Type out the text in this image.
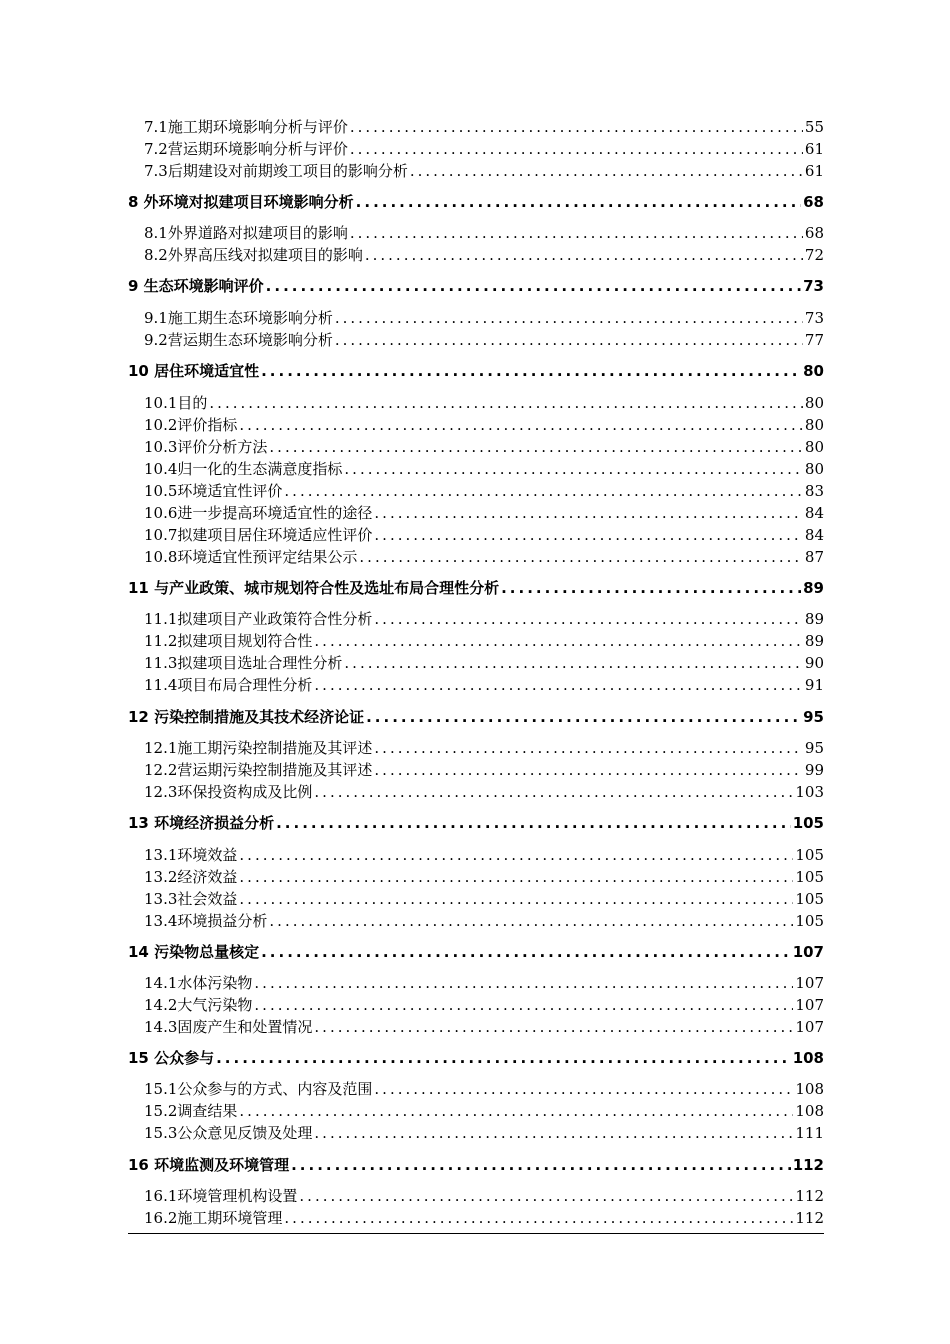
7.1施工期环境影响分析与评价 .....	55
7.2营运期环境影响分析与评价 .....	61
7.3后期建设对前期竣工项目的影响分析 .....	61
8 外环境对拟建项目环境影响分析 .....	68
8.1外界道路对拟建项目的影响 .....	68
8.2外界高压线对拟建项目的影响 .....	72
9 生态环境影响评价 .....	73
9.1施工期生态环境影响分析 .....	73
9.2营运期生态环境影响分析 .....	77
10 居住环境适宜性 .....	80
10.1目的 .....	80
10.2评价指标 .....	80
10.3评价分析方法 .....	80
10.4归一化的生态满意度指标 .....	80
10.5环境适宜性评价 .....	83
10.6进一步提高环境适宜性的途径 .....	84
10.7拟建项目居住环境适应性评价 .....	84
10.8环境适宜性预评定结果公示 .....	87
11 与产业政策、城市规划符合性及选址布局合理性分析 .....	89
11.1拟建项目产业政策符合性分析 .....	89
11.2拟建项目规划符合性 .....	89
11.3拟建项目选址合理性分析 .....	90
11.4项目布局合理性分析 .....	91
12 污染控制措施及其技术经济论证 .....	95
12.1施工期污染控制措施及其评述 .....	95
12.2营运期污染控制措施及其评述 .....	99
12.3环保投资构成及比例 .....	103
13 环境经济损益分析 .....	105
13.1环境效益 .....	105
13.2经济效益 .....	105
13.3社会效益 .....	105
13.4环境损益分析 .....	105
14 污染物总量核定 .....	107
14.1水体污染物 .....	107
14.2大气污染物 .....	107
14.3固废产生和处置情况 .....	107
15 公众参与 .....	108
15.1公众参与的方式、内容及范围 .....	108
15.2调查结果 .....	108
15.3公众意见反馈及处理 .....	111
16 环境监测及环境管理 .....	112
16.1环境管理机构设置 .....	112
16.2施工期环境管理 .....	112
